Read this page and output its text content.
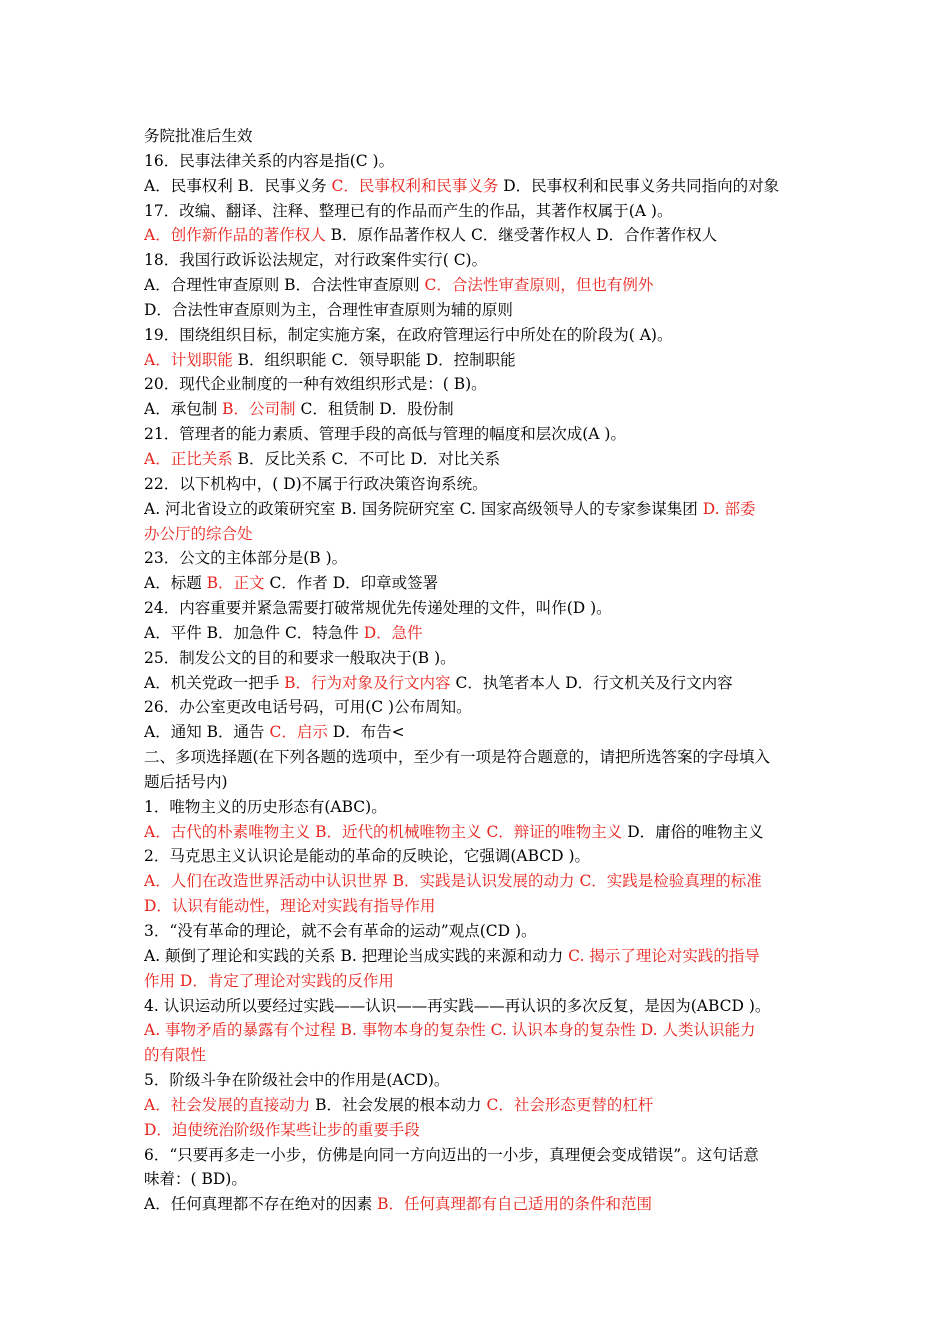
务院批准后生效
16．民事法律关系的内容是指(C )。
A．民事权利 B．民事义务 C．民事权利和民事义务 D．民事权利和民事义务共同指向的对象
17．改编、翻译、注释、整理已有的作品而产生的作品，其著作权属于(A )。
A．创作新作品的著作权人 B．原作品著作权人 C．继受著作权人 D．合作著作权人
18．我国行政诉讼法规定，对行政案件实行( C)。
A．合理性审查原则 B．合法性审查原则 C．合法性审查原则，但也有例外
D．合法性审查原则为主，合理性审查原则为辅的原则
19．围绕组织目标，制定实施方案，在政府管理运行中所处在的阶段为( A)。
A．计划职能 B．组织职能 C．领导职能 D．控制职能
20．现代企业制度的一种有效组织形式是：( B)。
A．承包制 B．公司制 C．租赁制 D．股份制
21．管理者的能力素质、管理手段的高低与管理的幅度和层次成(A )。
A．正比关系 B．反比关系 C．不可比 D．对比关系
22．以下机构中，( D)不属于行政决策咨询系统。
A. 河北省设立的政策研究室 B. 国务院研究室 C. 国家高级领导人的专家参谋集团 D. 部委
办公厅的综合处
23．公文的主体部分是(B )。
A．标题 B．正文 C．作者 D．印章或签署
24．内容重要并紧急需要打破常规优先传递处理的文件，叫作(D )。
A．平件 B．加急件 C．特急件 D．急件
25．制发公文的目的和要求一般取决于(B )。
A．机关党政一把手 B．行为对象及行文内容 C．执笔者本人 D．行文机关及行文内容
26．办公室更改电话号码，可用(C )公布周知。
A．通知 B．通告 C．启示 D．布告<
二、多项选择题(在下列各题的选项中，至少有一项是符合题意的，请把所选答案的字母填入
题后括号内)
1．唯物主义的历史形态有(ABC)。
A．古代的朴素唯物主义 B．近代的机械唯物主义 C．辩证的唯物主义 D．庸俗的唯物主义
2．马克思主义认识论是能动的革命的反映论，它强调(ABCD )。
A．人们在改造世界活动中认识世界 B．实践是认识发展的动力 C．实践是检验真理的标准
D．认识有能动性，理论对实践有指导作用
3．“没有革命的理论，就不会有革命的运动”观点(CD )。
A. 颠倒了理论和实践的关系 B. 把理论当成实践的来源和动力 C. 揭示了理论对实践的指导
作用 D．肯定了理论对实践的反作用
4. 认识运动所以要经过实践——认识——再实践——再认识的多次反复，是因为(ABCD )。
A. 事物矛盾的暴露有个过程 B. 事物本身的复杂性 C. 认识本身的复杂性 D. 人类认识能力
的有限性
5．阶级斗争在阶级社会中的作用是(ACD)。
A．社会发展的直接动力 B．社会发展的根本动力 C．社会形态更替的杠杆
D．迫使统治阶级作某些让步的重要手段
6．“只要再多走一小步，仿佛是向同一方向迈出的一小步，真理便会变成错误”。这句话意
味着：( BD)。
A．任何真理都不存在绝对的因素 B．任何真理都有自己适用的条件和范围
